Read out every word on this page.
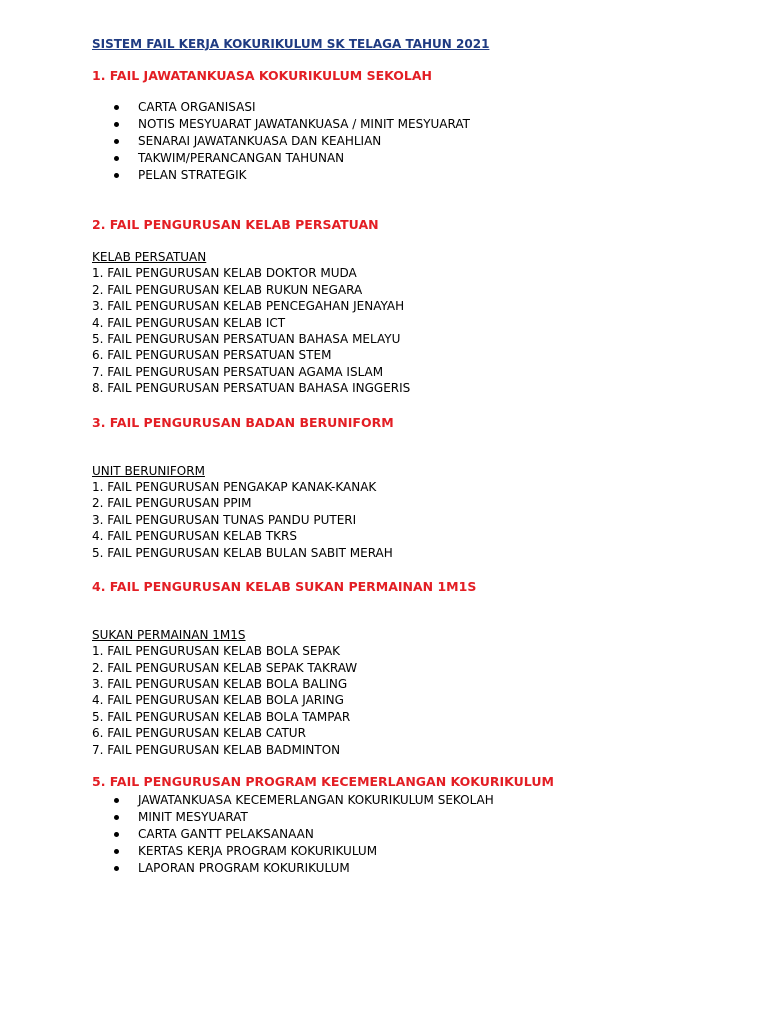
SISTEM FAIL KERJA KOKURIKULUM SK TELAGA TAHUN 2021

1. FAIL JAWATANKUASA KOKURIKULUM SEKOLAH

CARTA ORGANISASI
NOTIS MESYUARAT JAWATANKUASA / MINIT MESYUARAT
SENARAI JAWATANKUASA DAN KEAHLIAN
TAKWIM/PERANCANGAN TAHUNAN
PELAN STRATEGIK

2. FAIL PENGURUSAN KELAB PERSATUAN

KELAB PERSATUAN

1. FAIL PENGURUSAN KELAB DOKTOR MUDA
2. FAIL PENGURUSAN KELAB RUKUN NEGARA
3. FAIL PENGURUSAN KELAB PENCEGAHAN JENAYAH
4. FAIL PENGURUSAN KELAB ICT
5. FAIL PENGURUSAN PERSATUAN BAHASA MELAYU
6. FAIL PENGURUSAN PERSATUAN STEM
7. FAIL PENGURUSAN PERSATUAN AGAMA ISLAM
8. FAIL PENGURUSAN PERSATUAN BAHASA INGGERIS

3. FAIL PENGURUSAN BADAN BERUNIFORM

UNIT BERUNIFORM

1. FAIL PENGURUSAN PENGAKAP KANAK-KANAK
2. FAIL PENGURUSAN PPIM
3. FAIL PENGURUSAN TUNAS PANDU PUTERI
4. FAIL PENGURUSAN KELAB TKRS
5. FAIL PENGURUSAN KELAB BULAN SABIT MERAH

4. FAIL PENGURUSAN KELAB SUKAN PERMAINAN 1M1S

SUKAN PERMAINAN 1M1S

1. FAIL PENGURUSAN KELAB BOLA SEPAK
2. FAIL PENGURUSAN KELAB SEPAK TAKRAW
3. FAIL PENGURUSAN KELAB BOLA BALING
4. FAIL PENGURUSAN KELAB BOLA JARING
5. FAIL PENGURUSAN KELAB BOLA TAMPAR
6. FAIL PENGURUSAN KELAB CATUR
7. FAIL PENGURUSAN KELAB BADMINTON

5. FAIL PENGURUSAN PROGRAM KECEMERLANGAN KOKURIKULUM

JAWATANKUASA KECEMERLANGAN KOKURIKULUM SEKOLAH
MINIT MESYUARAT
CARTA GANTT PELAKSANAAN
KERTAS KERJA PROGRAM KOKURIKULUM
LAPORAN PROGRAM KOKURIKULUM
